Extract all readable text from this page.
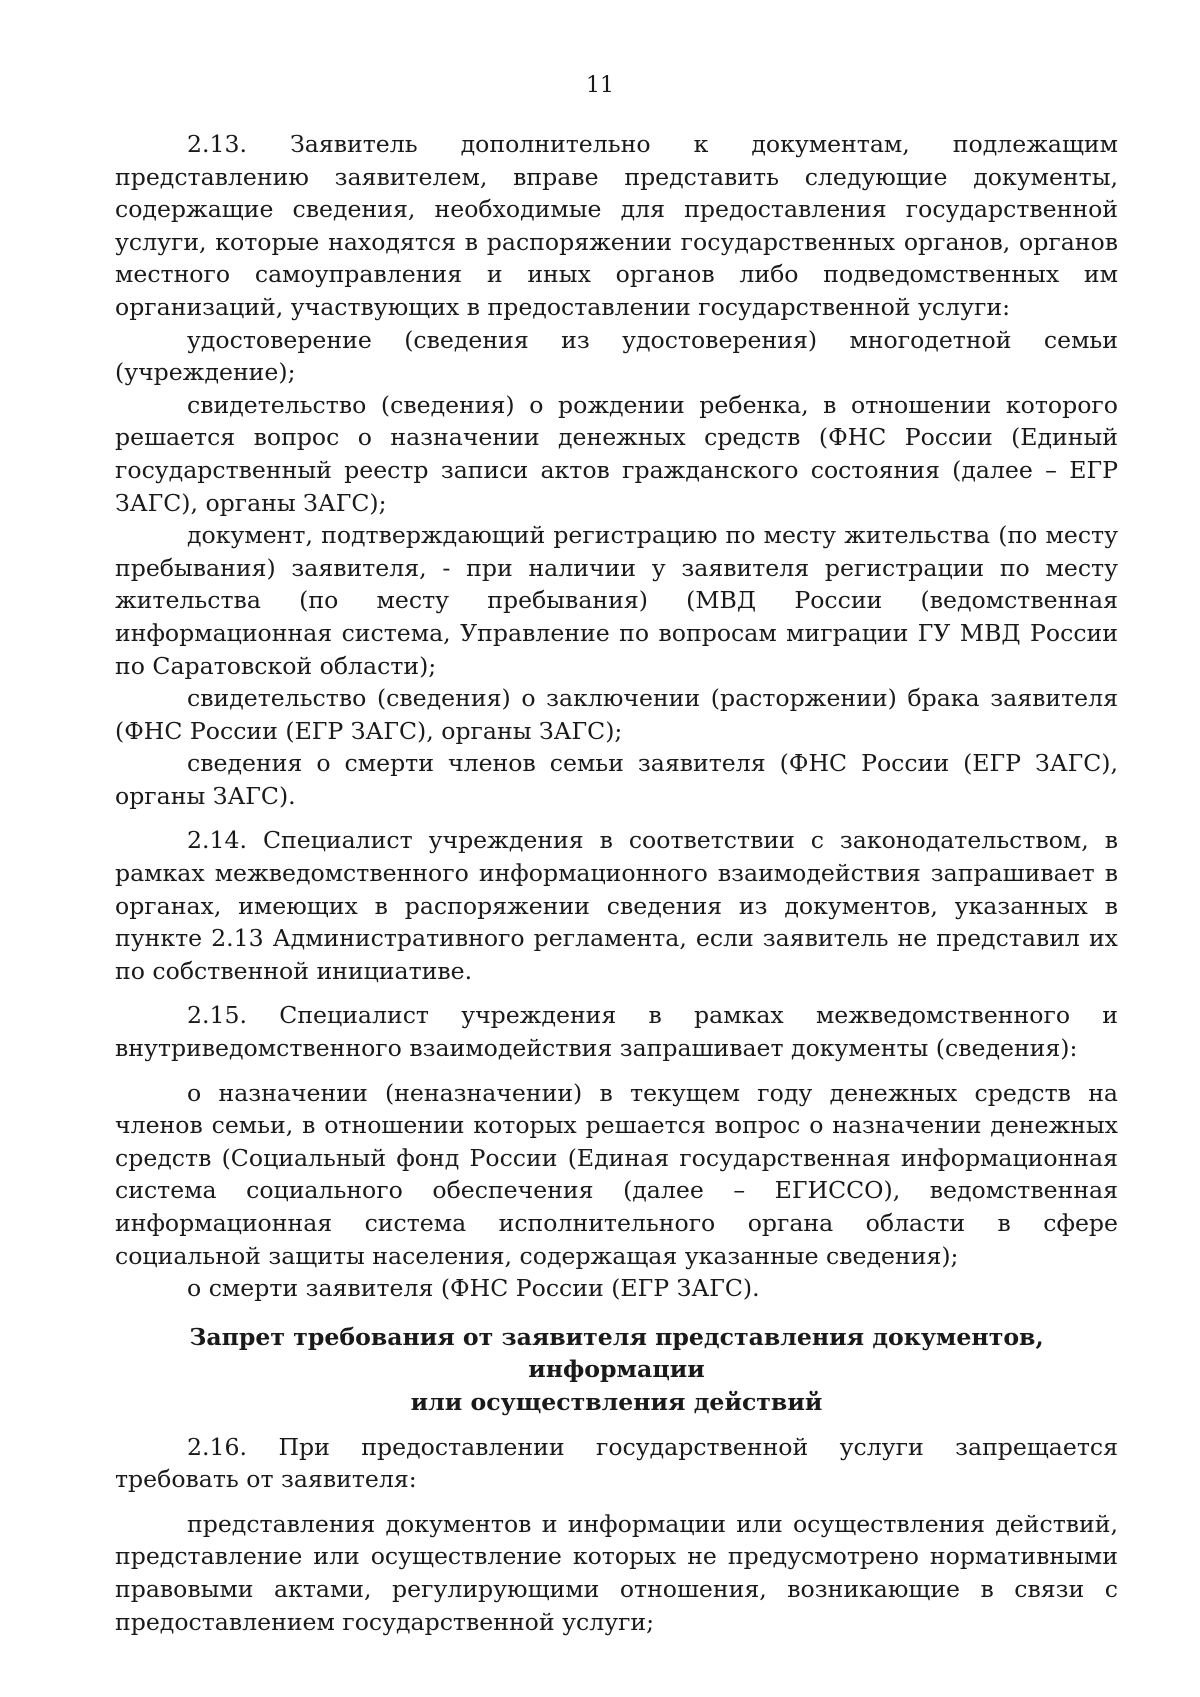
11

2.13. Заявитель дополнительно к документам, подлежащим представлению заявителем, вправе представить следующие документы, содержащие сведения, необходимые для предоставления государственной услуги, которые находятся в распоряжении государственных органов, органов местного самоуправления и иных органов либо подведомственных им организаций, участвующих в предоставлении государственной услуги:

удостоверение (сведения из удостоверения) многодетной семьи (учреждение);

свидетельство (сведения) о рождении ребенка, в отношении которого решается вопрос о назначении денежных средств (ФНС России (Единый государственный реестр записи актов гражданского состояния (далее – ЕГР ЗАГС), органы ЗАГС);

документ, подтверждающий регистрацию по месту жительства (по месту пребывания) заявителя, - при наличии у заявителя регистрации по месту жительства (по месту пребывания) (МВД России (ведомственная информационная система, Управление по вопросам миграции ГУ МВД России по Саратовской области);

свидетельство (сведения) о заключении (расторжении) брака заявителя (ФНС России (ЕГР ЗАГС), органы ЗАГС);

сведения о смерти членов семьи заявителя (ФНС России (ЕГР ЗАГС), органы ЗАГС).

2.14. Специалист учреждения в соответствии с законодательством, в рамках межведомственного информационного взаимодействия запрашивает в органах, имеющих в распоряжении сведения из документов, указанных в пункте 2.13 Административного регламента, если заявитель не представил их по собственной инициативе.

2.15. Специалист учреждения в рамках межведомственного и внутриведомственного взаимодействия запрашивает документы (сведения):

о назначении (неназначении) в текущем году денежных средств на членов семьи, в отношении которых решается вопрос о назначении денежных средств (Социальный фонд России (Единая государственная информационная система социального обеспечения (далее – ЕГИССО), ведомственная информационная система исполнительного органа области в сфере социальной защиты населения, содержащая указанные сведения);

о смерти заявителя (ФНС России (ЕГР ЗАГС).

Запрет требования от заявителя представления документов, информации
или осуществления действий

2.16. При предоставлении государственной услуги запрещается требовать от заявителя:

представления документов и информации или осуществления действий, представление или осуществление которых не предусмотрено нормативными правовыми актами, регулирующими отношения, возникающие в связи с предоставлением государственной услуги;
